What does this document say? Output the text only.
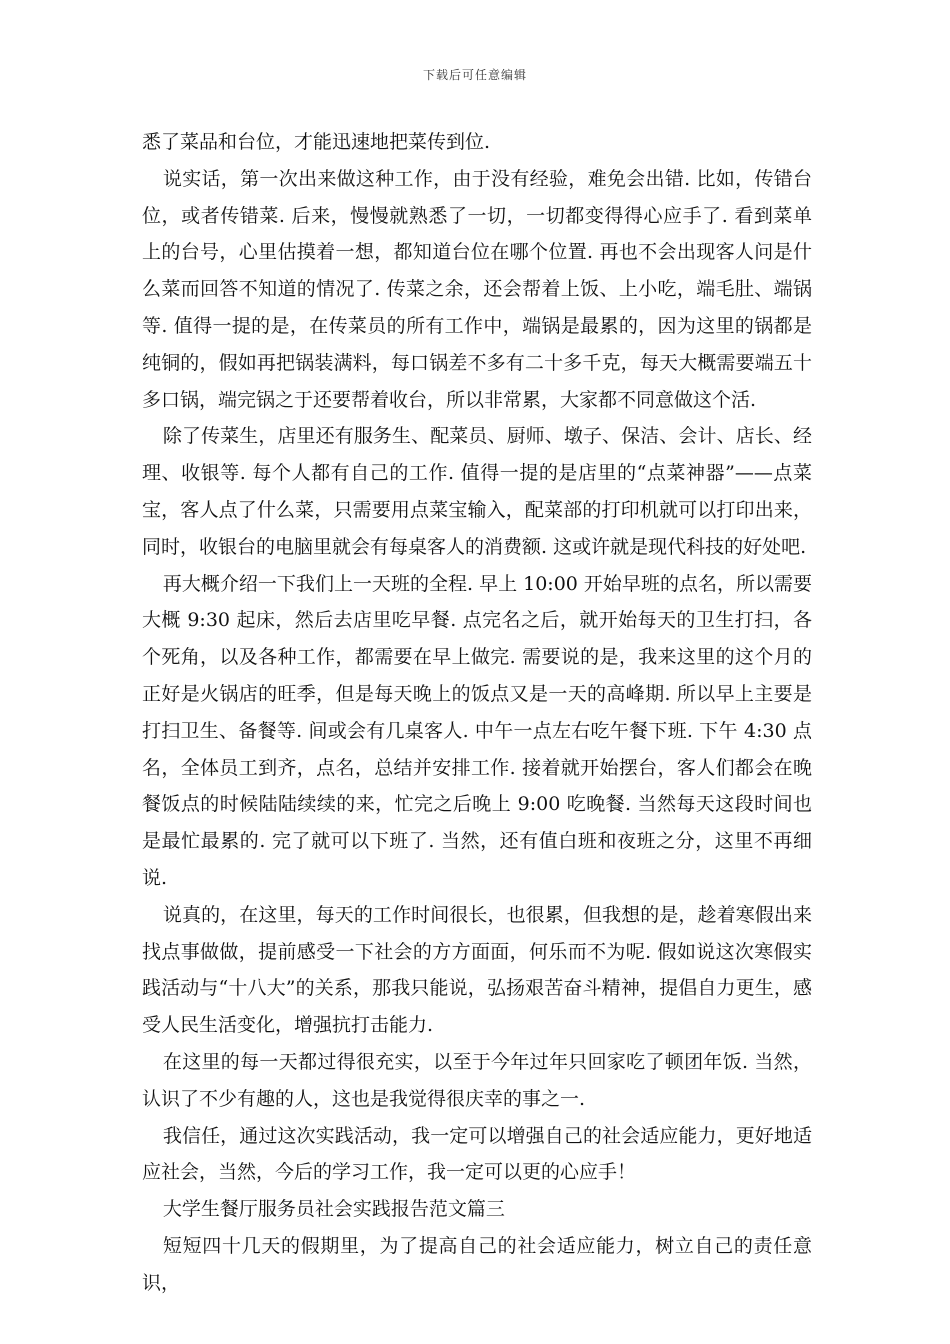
下载后可任意编辑

悉了菜品和台位，才能迅速地把菜传到位.

说实话，第一次出来做这种工作，由于没有经验，难免会出错. 比如，传错台位，或者传错菜. 后来，慢慢就熟悉了一切，一切都变得得心应手了. 看到菜单上的台号，心里估摸着一想，都知道台位在哪个位置. 再也不会出现客人问是什么菜而回答不知道的情况了. 传菜之余，还会帮着上饭、上小吃，端毛肚、端锅等. 值得一提的是，在传菜员的所有工作中，端锅是最累的，因为这里的锅都是纯铜的，假如再把锅装满料，每口锅差不多有二十多千克，每天大概需要端五十多口锅，端完锅之于还要帮着收台，所以非常累，大家都不同意做这个活.

除了传菜生，店里还有服务生、配菜员、厨师、墩子、保洁、会计、店长、经理、收银等. 每个人都有自己的工作. 值得一提的是店里的“点菜神器”——点菜宝，客人点了什么菜，只需要用点菜宝输入，配菜部的打印机就可以打印出来，同时，收银台的电脑里就会有每桌客人的消费额. 这或许就是现代科技的好处吧.

再大概介绍一下我们上一天班的全程. 早上 10:00 开始早班的点名，所以需要大概 9:30 起床，然后去店里吃早餐. 点完名之后，就开始每天的卫生打扫，各个死角，以及各种工作，都需要在早上做完. 需要说的是，我来这里的这个月的正好是火锅店的旺季，但是每天晚上的饭点又是一天的高峰期. 所以早上主要是打扫卫生、备餐等. 间或会有几桌客人. 中午一点左右吃午餐下班. 下午 4:30 点名，全体员工到齐，点名，总结并安排工作. 接着就开始摆台，客人们都会在晚餐饭点的时候陆陆续续的来，忙完之后晚上 9:00 吃晚餐. 当然每天这段时间也是最忙最累的. 完了就可以下班了. 当然，还有值白班和夜班之分，这里不再细说.

说真的，在这里，每天的工作时间很长，也很累，但我想的是，趁着寒假出来找点事做做，提前感受一下社会的方方面面，何乐而不为呢. 假如说这次寒假实践活动与“十八大”的关系，那我只能说，弘扬艰苦奋斗精神，提倡自力更生，感受人民生活变化，增强抗打击能力.

在这里的每一天都过得很充实，以至于今年过年只回家吃了顿团年饭. 当然，认识了不少有趣的人，这也是我觉得很庆幸的事之一.

我信任，通过这次实践活动，我一定可以增强自己的社会适应能力，更好地适应社会，当然，今后的学习工作，我一定可以更的心应手！

大学生餐厅服务员社会实践报告范文篇三

短短四十几天的假期里，为了提高自己的社会适应能力，树立自己的责任意识，
